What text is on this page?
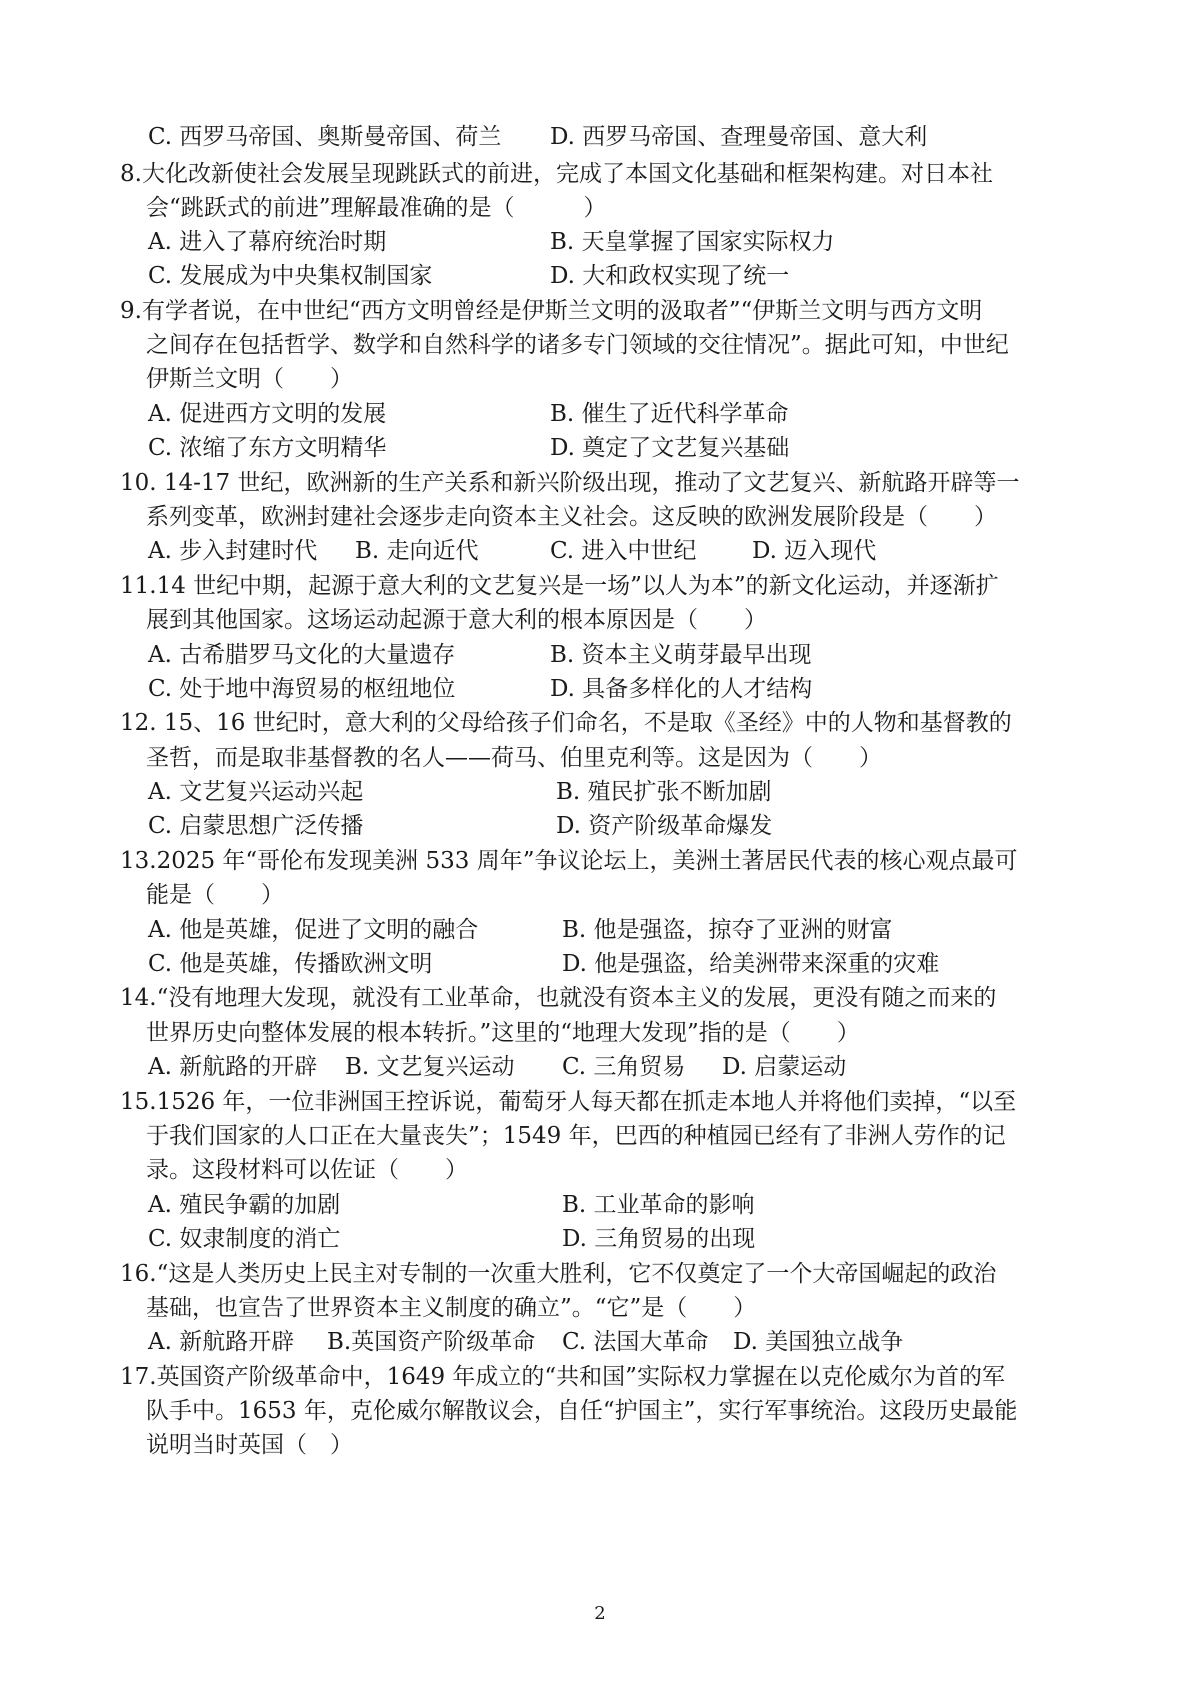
C. 西罗马帝国、奥斯曼帝国、荷兰 D. 西罗马帝国、查理曼帝国、意大利
8.大化改新使社会发展呈现跳跃式的前进，完成了本国文化基础和框架构建。对日本社
会“跳跃式的前进”理解最准确的是（　　　）
A. 进入了幕府统治时期	B. 天皇掌握了国家实际权力
C. 发展成为中央集权制国家	D. 大和政权实现了统一
9.有学者说，在中世纪“西方文明曾经是伊斯兰文明的汲取者”“伊斯兰文明与西方文明
之间存在包括哲学、数学和自然科学的诸多专门领域的交往情况”。据此可知，中世纪
伊斯兰文明（　　）
A. 促进西方文明的发展	B. 催生了近代科学革命
C. 浓缩了东方文明精华	D. 奠定了文艺复兴基础
10. 14-17 世纪，欧洲新的生产关系和新兴阶级出现，推动了文艺复兴、新航路开辟等一
系列变革，欧洲封建社会逐步走向资本主义社会。这反映的欧洲发展阶段是（　　）
A. 步入封建时代 B. 走向近代	C. 进入中世纪 D. 迈入现代
11.14 世纪中期，起源于意大利的文艺复兴是一场”以人为本”的新文化运动，并逐渐扩
展到其他国家。这场运动起源于意大利的根本原因是（　　）
A. 古希腊罗马文化的大量遗存	B. 资本主义萌芽最早出现
C. 处于地中海贸易的枢纽地位	D. 具备多样化的人才结构
12. 15、16 世纪时，意大利的父母给孩子们命名，不是取《圣经》中的人物和基督教的
圣哲，而是取非基督教的名人——荷马、伯里克利等。这是因为（　　）
A. 文艺复兴运动兴起	B. 殖民扩张不断加剧
C. 启蒙思想广泛传播	D. 资产阶级革命爆发
13.2025 年“哥伦布发现美洲 533 周年”争议论坛上，美洲土著居民代表的核心观点最可
能是（　　）
A. 他是英雄，促进了文明的融合	B. 他是强盗，掠夺了亚洲的财富
C. 他是英雄，传播欧洲文明	D. 他是强盗，给美洲带来深重的灾难
14.“没有地理大发现，就没有工业革命，也就没有资本主义的发展，更没有随之而来的
世界历史向整体发展的根本转折。”这里的“地理大发现”指的是（　　）
A. 新航路的开辟 B. 文艺复兴运动 C. 三角贸易 D. 启蒙运动
15.1526 年，一位非洲国王控诉说，葡萄牙人每天都在抓走本地人并将他们卖掉，“以至
于我们国家的人口正在大量丧失”；1549 年，巴西的种植园已经有了非洲人劳作的记
录。这段材料可以佐证（　　）
A. 殖民争霸的加剧	B. 工业革命的影响
C. 奴隶制度的消亡	D. 三角贸易的出现
16.“这是人类历史上民主对专制的一次重大胜利，它不仅奠定了一个大帝国崛起的政治
基础，也宣告了世界资本主义制度的确立”。“它”是（　　）
A. 新航路开辟 B.英国资产阶级革命 C. 法国大革命 D. 美国独立战争
17.英国资产阶级革命中，1649 年成立的“共和国”实际权力掌握在以克伦威尔为首的军
队手中。1653 年，克伦威尔解散议会，自任“护国主”，实行军事统治。这段历史最能
说明当时英国（　）
2
